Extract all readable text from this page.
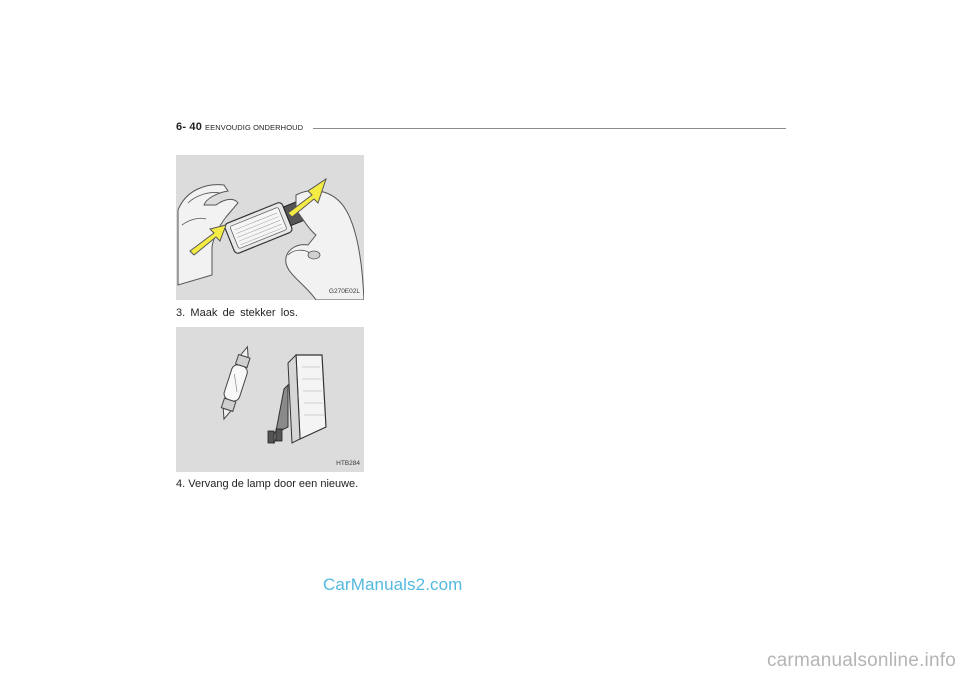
6- 40 EENVOUDIG ONDERHOUD
G270E02L
3. Maak de stekker los.
HTB284
4. Vervang de lamp door een nieuwe.
CarManuals2.com
carmanualsonline.info
